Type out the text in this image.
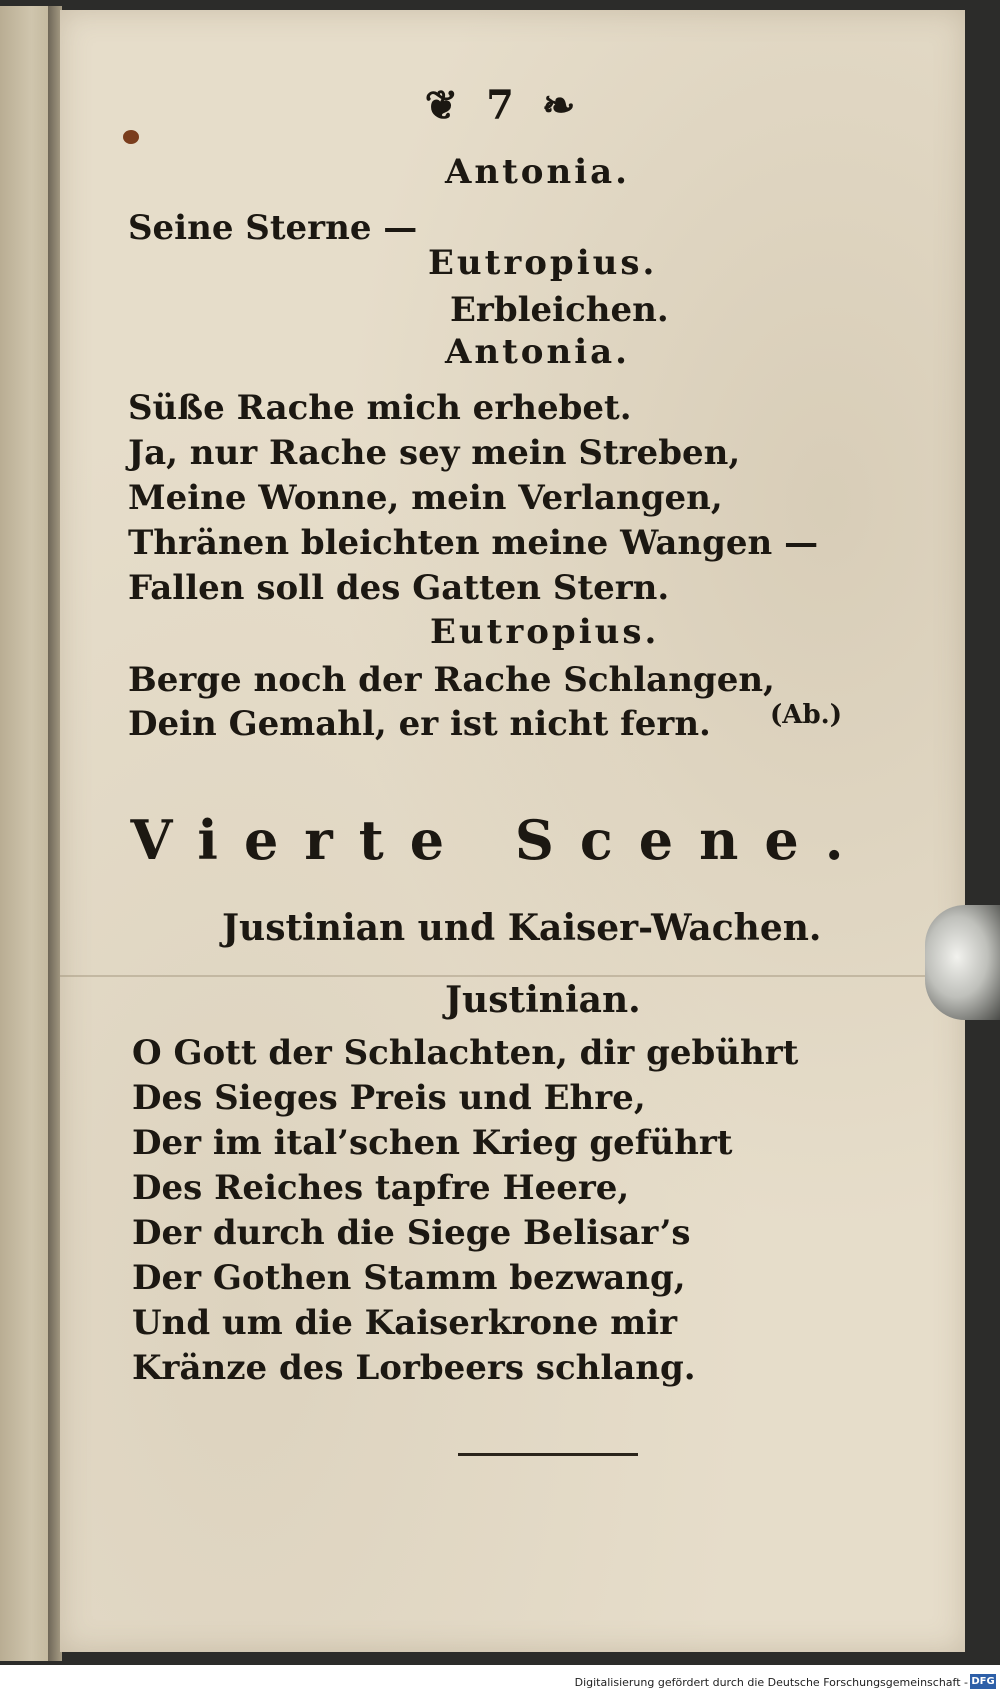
❦ 7 ❧
Antonia.
Seine Sterne —
Eutropius.
Erbleichen.
Antonia.
Süße Rache mich erhebet.
Ja, nur Rache sey mein Streben,
Meine Wonne, mein Verlangen,
Thränen bleichten meine Wangen —
Fallen soll des Gatten Stern.
Eutropius.
Berge noch der Rache Schlangen,
Dein Gemahl, er ist nicht fern. (Ab.)
Vierte Scene.
Justinian und Kaiser-Wachen.
Justinian.
O Gott der Schlachten, dir gebührt
Des Sieges Preis und Ehre,
Der im ital’schen Krieg geführt
Des Reiches tapfre Heere,
Der durch die Siege Belisar’s
Der Gothen Stamm bezwang,
Und um die Kaiserkrone mir
Kränze des Lorbeers schlang.
Digitalisierung gefördert durch die Deutsche Forschungsgemeinschaft - DFG
